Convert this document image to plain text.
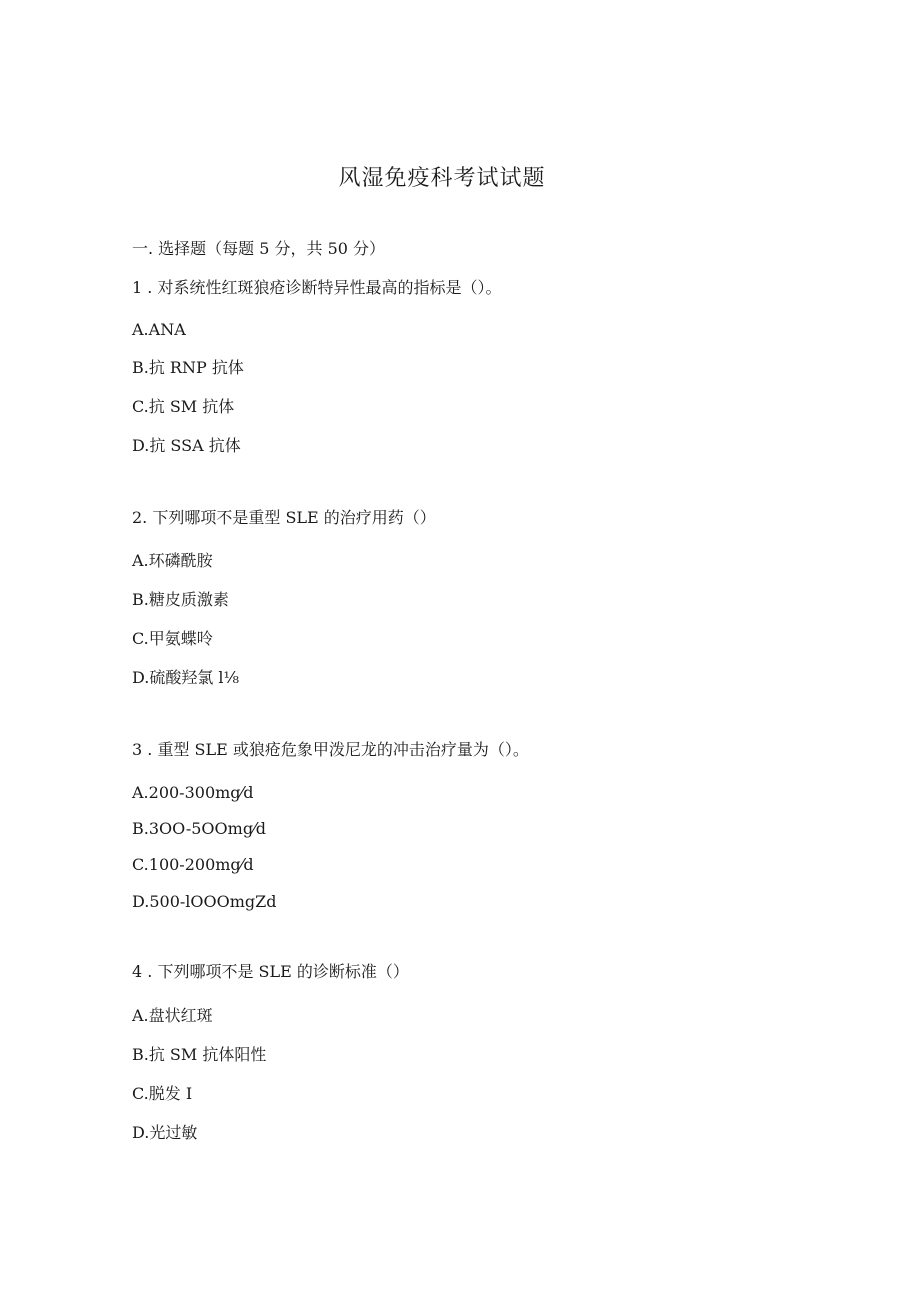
风湿免疫科考试试题
一. 选择题（每题 5 分，共 50 分）
1 . 对系统性红斑狼疮诊断特异性最高的指标是（）。
A.ANA
B.抗 RNP 抗体
C.抗 SM 抗体
D.抗 SSA 抗体
2. 下列哪项不是重型 SLE 的治疗用药（）
A.环磷酰胺
B.糖皮质激素
C.甲氨蝶呤
D.硫酸羟氯 l⅛
3 . 重型 SLE 或狼疮危象甲泼尼龙的冲击治疗量为（）。
A.200-300mg⁄d
B.3OO-5OOmg⁄d
C.100-200mg⁄d
D.500-lOOOmgZd
4 . 下列哪项不是 SLE 的诊断标准（）
A.盘状红斑
B.抗 SM 抗体阳性
C.脱发 I
D.光过敏
